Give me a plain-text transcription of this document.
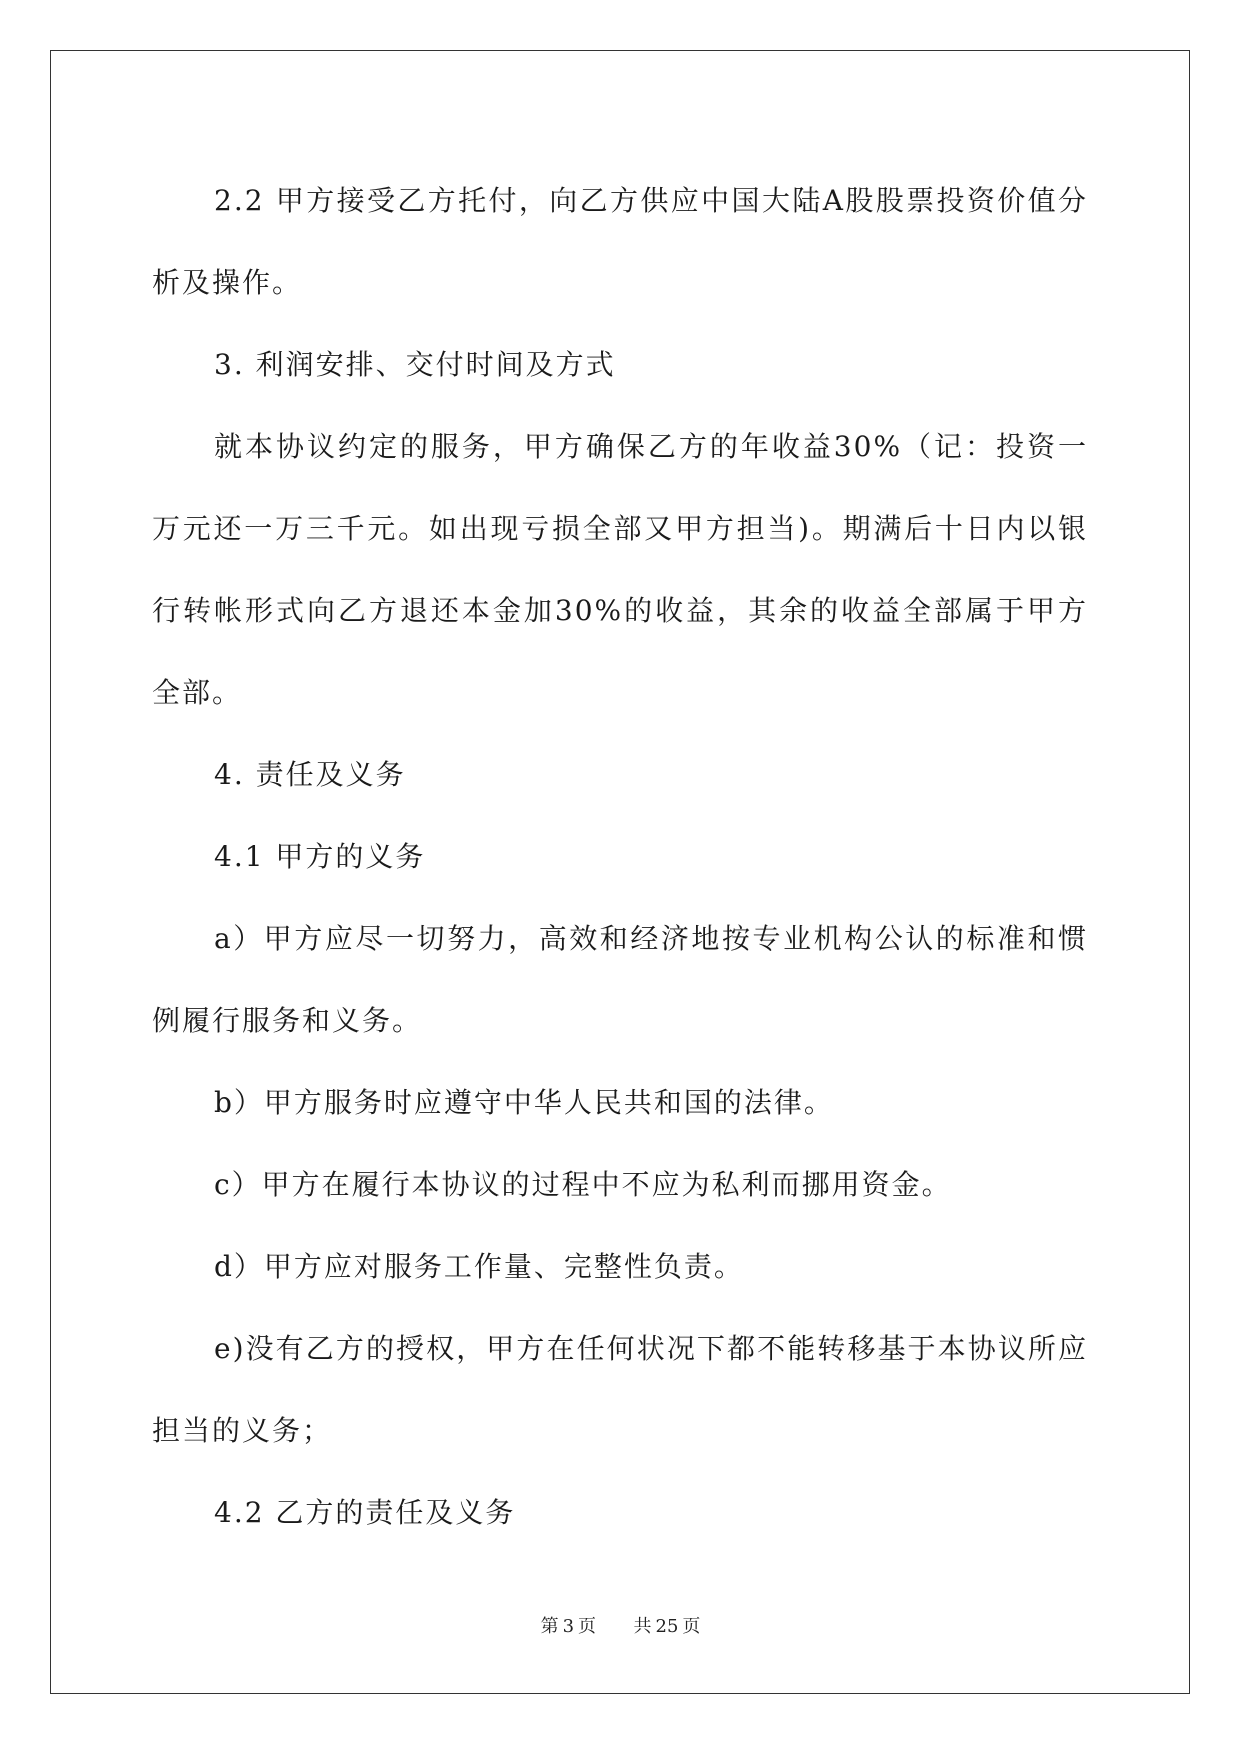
2.2 甲方接受乙方托付，向乙方供应中国大陆A股股票投资价值分析及操作。

3. 利润安排、交付时间及方式

就本协议约定的服务，甲方确保乙方的年收益30%（记：投资一万元还一万三千元。如出现亏损全部又甲方担当)。期满后十日内以银行转帐形式向乙方退还本金加30%的收益，其余的收益全部属于甲方全部。

4. 责任及义务

4.1 甲方的义务

a）甲方应尽一切努力，高效和经济地按专业机构公认的标准和惯例履行服务和义务。

b）甲方服务时应遵守中华人民共和国的法律。

c）甲方在履行本协议的过程中不应为私利而挪用资金。

d）甲方应对服务工作量、完整性负责。

e)没有乙方的授权，甲方在任何状况下都不能转移基于本协议所应担当的义务；

4.2 乙方的责任及义务

第 3 页 共 25 页
